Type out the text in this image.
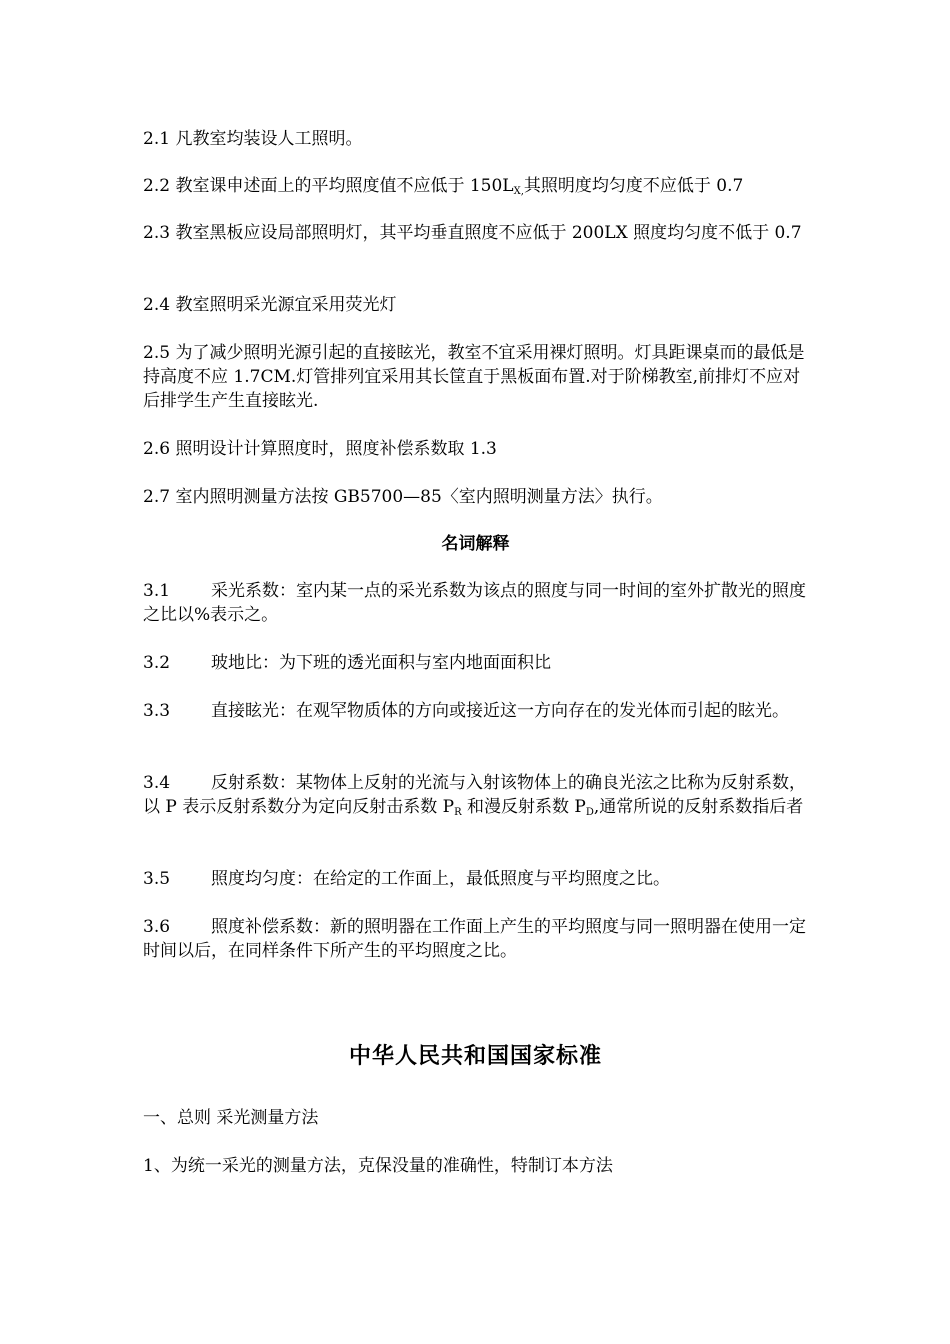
2.1 凡教室均装设人工照明。

2.2 教室课申述面上的平均照度值不应低于 $150L_{X,}$其照明度均匀度不应低于 0.7

2.3 教室黑板应设局部照明灯，其平均垂直照度不应低于 200LX 照度均匀度不低于 0.7

2.4 教室照明采光源宜采用荧光灯

2.5 为了减少照明光源引起的直接眩光，教室不宜采用裸灯照明。灯具距课桌而的最低是持高度不应 1.7CM.灯管排列宜采用其长筐直于黑板面布置.对于阶梯教室,前排灯不应对后排学生产生直接眩光.

2.6 照明设计计算照度时，照度补偿系数取 1.3

2.7 室内照明测量方法按 GB5700—85〈室内照明测量方法〉执行。

名词解释

3.1 采光系数：室内某一点的采光系数为该点的照度与同一时间的室外扩散光的照度之比以%表示之。

3.2 玻地比：为下班的透光面积与室内地面面积比

3.3 直接眩光：在观罕物质体的方向或接近这一方向存在的发光体而引起的眩光。

3.4 反射系数：某物体上反射的光流与入射该物体上的确良光泫之比称为反射系数，以 P 表示反射系数分为定向反射击系数 $P_R$ 和漫反射系数 $P_D$,通常所说的反射系数指后者

3.5 照度均匀度：在给定的工作面上，最低照度与平均照度之比。

3.6 照度补偿系数：新的照明器在工作面上产生的平均照度与同一照明器在使用一定时间以后，在同样条件下所产生的平均照度之比。

中华人民共和国国家标准

一、总则 采光测量方法

1、为统一采光的测量方法，克保没量的准确性，特制订本方法
